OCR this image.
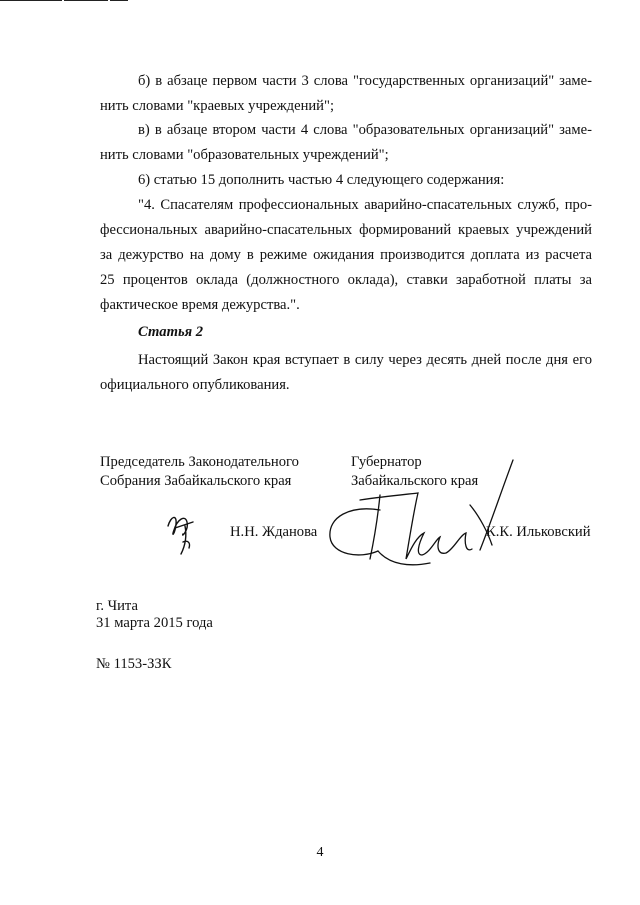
б) в абзаце первом части 3 слова "государственных организаций" заме-
нить словами "краевых учреждений";
в) в абзаце втором части 4 слова "образовательных организаций" заме-
нить словами "образовательных учреждений";
6) статью 15 дополнить частью 4 следующего содержания:
"4. Спасателям профессиональных аварийно-спасательных служб, про-
фессиональных аварийно-спасательных формирований краевых учреждений
за дежурство на дому в режиме ожидания производится доплата из расчета
25 процентов оклада (должностного оклада), ставки заработной платы за
фактическое время дежурства.".

Статья 2

Настоящий Закон края вступает в силу через десять дней после дня его
официального опубликования.

Председатель Законодательного
Собрания Забайкальского края

Губернатор
Забайкальского края

Н.Н. Жданова	К.К. Ильковский

г. Чита

31 марта 2015 года

№ 1153-ЗЗК

4
